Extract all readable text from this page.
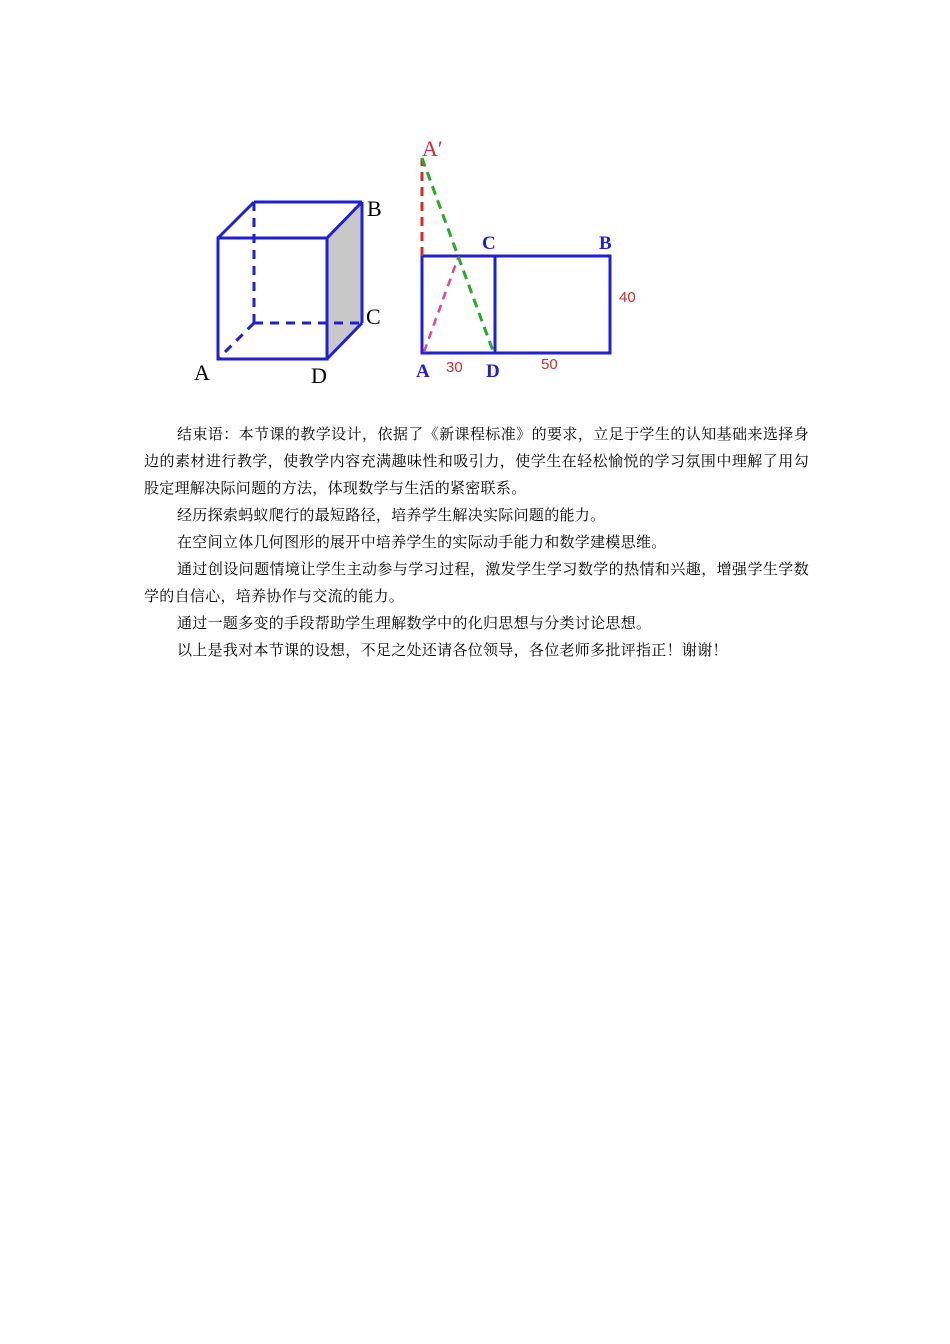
B
C
A	D
A′
C	B
A	D
30	50
40

结束语：本节课的教学设计，依据了《新课程标准》的要求，立足于学生的认知基础来选择身边的素材进行教学，使教学内容充满趣味性和吸引力，使学生在轻松愉悦的学习氛围中理解了用勾股定理解决际问题的方法，体现数学与生活的紧密联系。

经历探索蚂蚁爬行的最短路径，培养学生解决实际问题的能力。

在空间立体几何图形的展开中培养学生的实际动手能力和数学建模思维。

通过创设问题情境让学生主动参与学习过程，激发学生学习数学的热情和兴趣，增强学生学数学的自信心，培养协作与交流的能力。

通过一题多变的手段帮助学生理解数学中的化归思想与分类讨论思想。

以上是我对本节课的设想，不足之处还请各位领导，各位老师多批评指正！谢谢！
